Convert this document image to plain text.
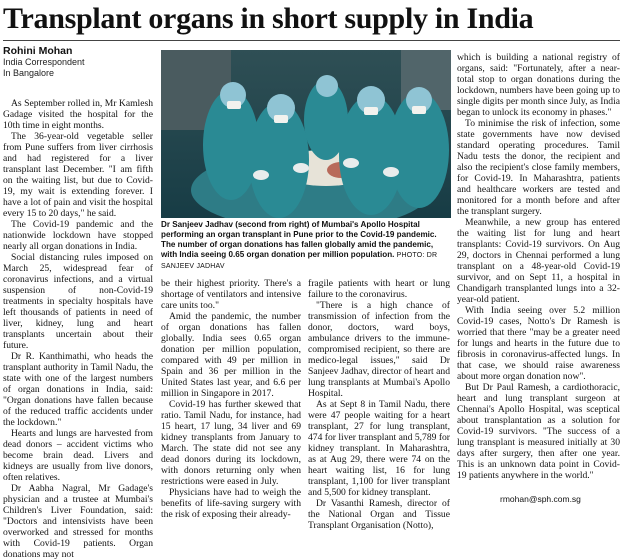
Transplant organs in short supply in India
Rohini Mohan
India Correspondent
In Bangalore

As September rolled in, Mr Kamlesh Gadage visited the hospital for the 10th time in eight months.

The 36-year-old vegetable seller from Pune suffers from liver cirrhosis and had registered for a liver transplant last December. "I am fifth on the waiting list, but due to Covid-19, my wait is extending forever. I have a lot of pain and visit the hospital every 15 to 20 days," he said.

The Covid-19 pandemic and the nationwide lockdown have stopped nearly all organ donations in India.

Social distancing rules imposed on March 25, widespread fear of coronavirus infections, and a virtual suspension of non-Covid-19 treatments in specialty hospitals have left thousands of patients in need of liver, kidney, lung and heart transplants uncertain about their future.

Dr R. Kanthimathi, who heads the transplant authority in Tamil Nadu, the state with one of the largest numbers of organ donations in India, said: "Organ donations have fallen because of the reduced traffic accidents under the lockdown."

Hearts and lungs are harvested from dead donors – accident victims who become brain dead. Livers and kidneys are usually from live donors, often relatives.

Dr Aabha Nagral, Mr Gadage's physician and a trustee at Mumbai's Children's Liver Foundation, said: "Doctors and intensivists have been overworked and stressed for months with Covid-19 patients. Organ donations may not

Dr Sanjeev Jadhav (second from right) of Mumbai's Apollo Hospital performing an organ transplant in Pune prior to the Covid-19 pandemic. The number of organ donations has fallen globally amid the pandemic, with India seeing 0.65 organ donation per million population. PHOTO: DR SANJEEV JADHAV

be their highest priority. There's a shortage of ventilators and intensive care units too."

Amid the pandemic, the number of organ donations has fallen globally. India sees 0.65 organ donation per million population, compared with 49 per million in Spain and 36 per million in the United States last year, and 6.6 per million in Singapore in 2017.

Covid-19 has further skewed that ratio. Tamil Nadu, for instance, had 15 heart, 17 lung, 34 liver and 69 kidney transplants from January to March. The state did not see any dead donors during its lockdown, with donors returning only when restrictions were eased in July.

Physicians have had to weigh the benefits of life-saving surgery with the risk of exposing their already-

fragile patients with heart or lung failure to the coronavirus.

"There is a high chance of transmission of infection from the donor, doctors, ward boys, ambulance drivers to the immune-compromised recipient, so there are medico-legal issues," said Dr Sanjeev Jadhav, director of heart and lung transplants at Mumbai's Apollo Hospital.

As at Sept 8 in Tamil Nadu, there were 47 people waiting for a heart transplant, 27 for lung transplant, 474 for liver transplant and 5,789 for kidney transplant. In Maharashtra, as at Aug 29, there were 74 on the heart waiting list, 16 for lung transplant, 1,100 for liver transplant and 5,500 for kidney transplant.

Dr Vasanthi Ramesh, director of the National Organ and Tissue Transplant Organisation (Notto),

which is building a national registry of organs, said: "Fortunately, after a near-total stop to organ donations during the lockdown, numbers have been going up to single digits per month since July, as India began to unlock its economy in phases."

To minimise the risk of infection, some state governments have now devised standard operating procedures. Tamil Nadu tests the donor, the recipient and also the recipient's close family members, for Covid-19. In Maharashtra, patients and healthcare workers are tested and monitored for a month before and after the transplant surgery.

Meanwhile, a new group has entered the waiting list for lung and heart transplants: Covid-19 survivors. On Aug 29, doctors in Chennai performed a lung transplant on a 48-year-old Covid-19 survivor, and on Sept 11, a hospital in Chandigarh transplanted lungs into a 32-year-old patient.

With India seeing over 5.2 million Covid-19 cases, Notto's Dr Ramesh is worried that there "may be a greater need for lungs and hearts in the future due to fibrosis in coronavirus-affected lungs. In that case, we should raise awareness about more organ donation now".

But Dr Paul Ramesh, a cardiothoracic, heart and lung transplant surgeon at Chennai's Apollo Hospital, was sceptical about transplantation as a solution for Covid-19 survivors. "The success of a lung transplant is measured initially at 30 days after surgery, then after one year. This is an unknown data point in Covid-19 patients anywhere in the world."

rmohan@sph.com.sg
